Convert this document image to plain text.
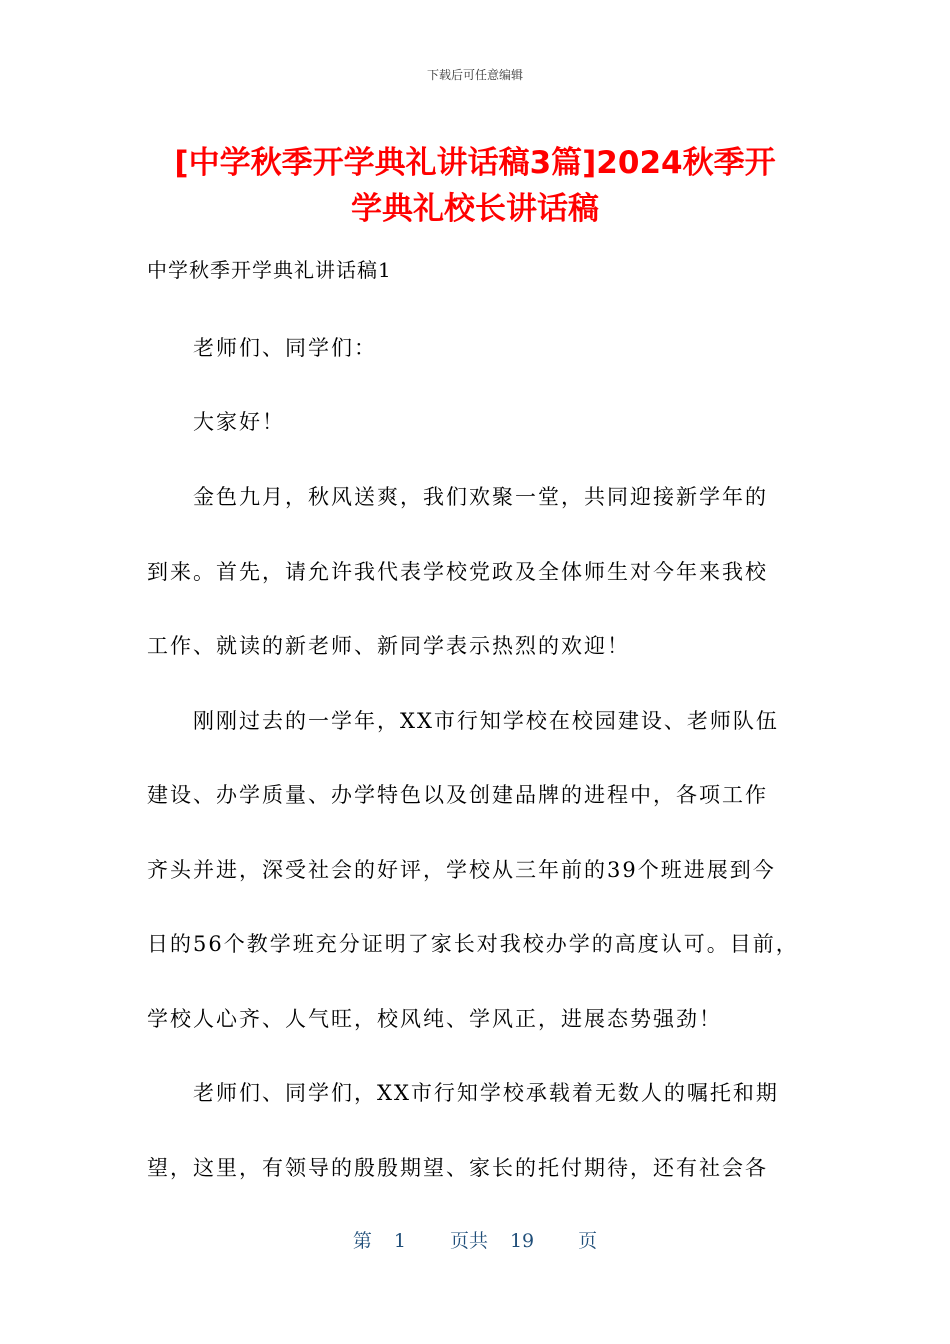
下载后可任意编辑
[中学秋季开学典礼讲话稿3篇]2024秋季开
学典礼校长讲话稿

中学秋季开学典礼讲话稿1

老师们、同学们：

大家好！

金色九月，秋风送爽，我们欢聚一堂，共同迎接新学年的

到来。首先，请允许我代表学校党政及全体师生对今年来我校

工作、就读的新老师、新同学表示热烈的欢迎！

刚刚过去的一学年，XX市行知学校在校园建设、老师队伍

建设、办学质量、办学特色以及创建品牌的进程中，各项工作

齐头并进，深受社会的好评，学校从三年前的39个班进展到今

日的56个教学班充分证明了家长对我校办学的高度认可。目前，

学校人心齐、人气旺，校风纯、学风正，进展态势强劲！

老师们、同学们，XX市行知学校承载着无数人的嘱托和期

望，这里，有领导的殷殷期望、家长的托付期待，还有社会各

第 1 页共 19 页
